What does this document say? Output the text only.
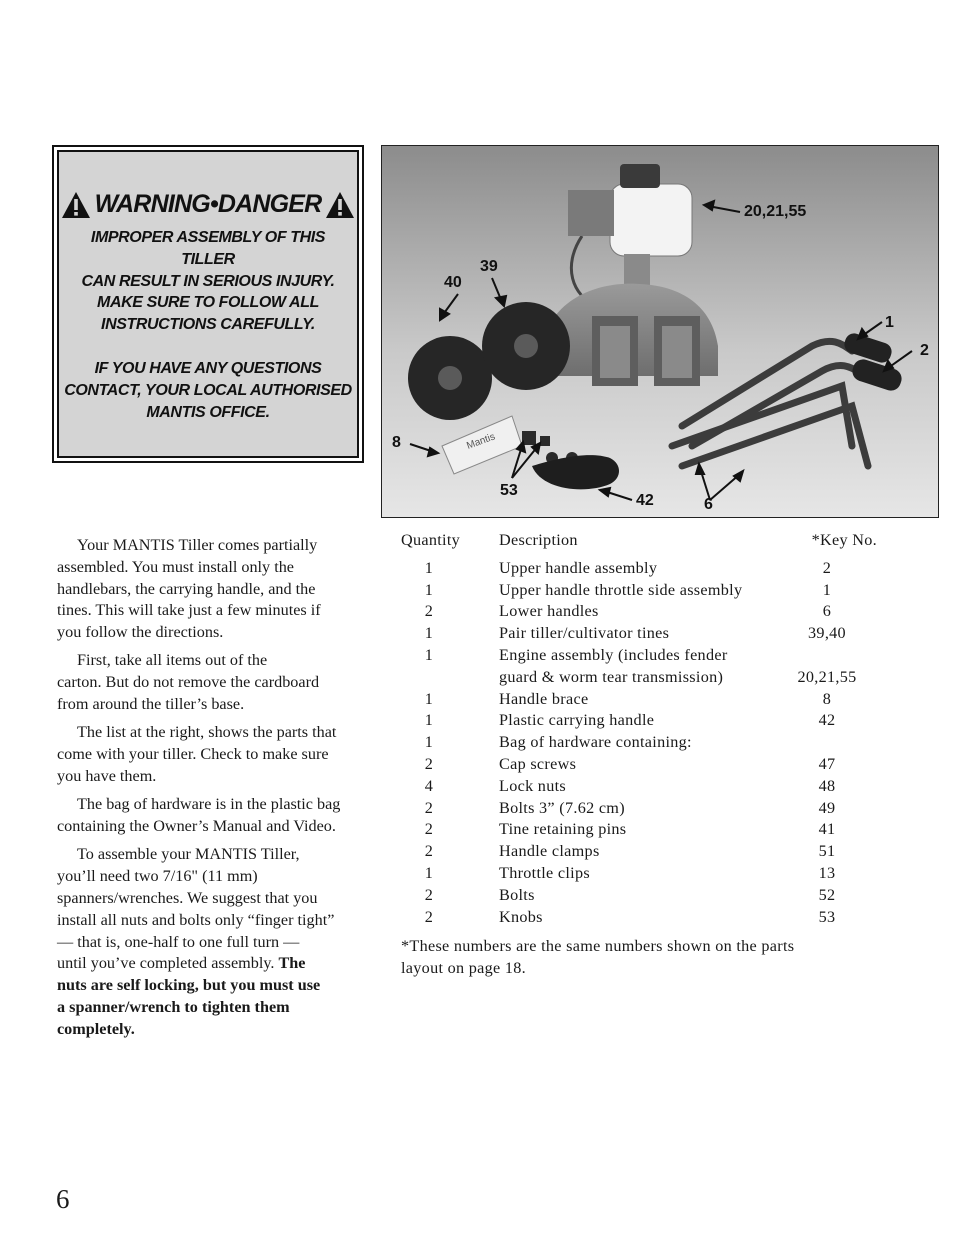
WARNING•DANGER
IMPROPER ASSEMBLY OF THIS TILLER
CAN RESULT IN SERIOUS INJURY.
MAKE SURE TO FOLLOW ALL
INSTRUCTIONS CAREFULLY.
IF YOU HAVE ANY QUESTIONS
CONTACT, YOUR LOCAL AUTHORISED
MANTIS OFFICE.
Mantis
20,21,55
39
40
1
2
8
53
42	6

Your MANTIS Tiller comes partially
assembled. You must install only the
handlebars, the carrying handle, and the
tines. This will take just a few minutes if
you follow the directions.

First, take all items out of the
carton. But do not remove the cardboard
from around the tiller’s base.

The list at the right, shows the parts that
come with your tiller. Check to make sure
you have them.

The bag of hardware is in the plastic bag
containing the Owner’s Manual and Video.

To assemble your MANTIS Tiller,
you’ll need two 7/16" (11 mm)
spanners/wrenches. We suggest that you
install all nuts and bolts only “finger tight”
— that is, one-half to one full turn —
until you’ve completed assembly. The
nuts are self locking, but you must use
a spanner/wrench to tighten them
completely.

Quantity	Description	*Key No.
1	Upper handle assembly	2
1	Upper handle throttle side assembly	1
2	Lower handles	6
1	Pair tiller/cultivator tines	39,40
1	Engine assembly (includes fender
guard & worm tear transmission)	20,21,55
1	Handle brace	8
1	Plastic carrying handle	42
1	Bag of hardware containing:
2	Cap screws	47
4	Lock nuts	48
2	Bolts 3” (7.62 cm)	49
2	Tine retaining pins	41
2	Handle clamps	51
1	Throttle clips	13
2	Bolts	52
2	Knobs	53
*These numbers are the same numbers shown on the parts
layout on page 18.
6
